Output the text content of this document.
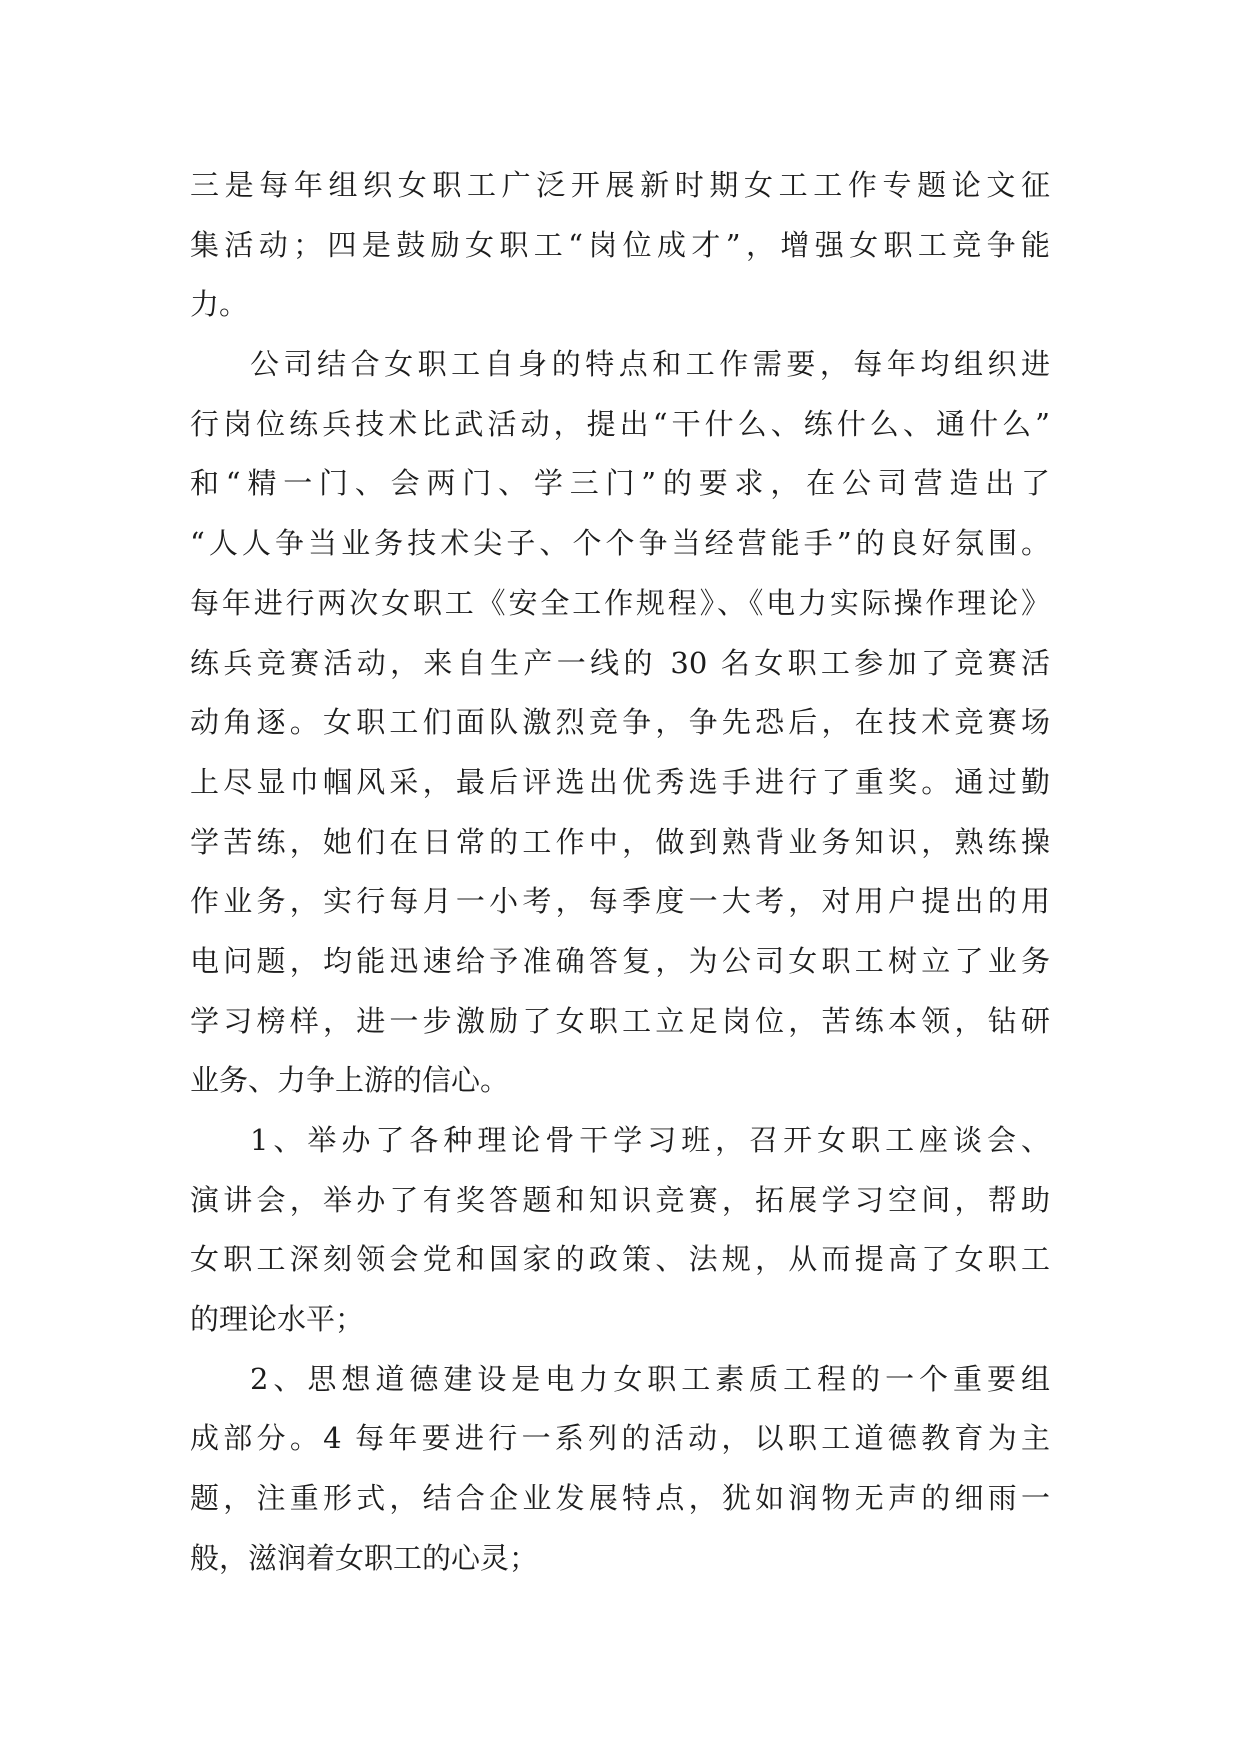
三是每年组织女职工广泛开展新时期女工工作专题论文征
集活动；四是鼓励女职工“岗位成才”，增强女职工竞争能
力。
公司结合女职工自身的特点和工作需要，每年均组织进
行岗位练兵技术比武活动，提出“干什么、练什么、通什么”
和“精一门、会两门、学三门”的要求，在公司营造出了
“人人争当业务技术尖子、个个争当经营能手”的良好氛围。
每年进行两次女职工《安全工作规程》、《电力实际操作理论》
练兵竞赛活动，来自生产一线的 30 名女职工参加了竞赛活
动角逐。女职工们面队激烈竞争，争先恐后，在技术竞赛场
上尽显巾帼风采，最后评选出优秀选手进行了重奖。通过勤
学苦练，她们在日常的工作中，做到熟背业务知识，熟练操
作业务，实行每月一小考，每季度一大考，对用户提出的用
电问题，均能迅速给予准确答复，为公司女职工树立了业务
学习榜样，进一步激励了女职工立足岗位，苦练本领，钻研
业务、力争上游的信心。
1、举办了各种理论骨干学习班，召开女职工座谈会、
演讲会，举办了有奖答题和知识竞赛，拓展学习空间，帮助
女职工深刻领会党和国家的政策、法规，从而提高了女职工
的理论水平；
2、思想道德建设是电力女职工素质工程的一个重要组
成部分。4 每年要进行一系列的活动，以职工道德教育为主
题，注重形式，结合企业发展特点，犹如润物无声的细雨一
般，滋润着女职工的心灵；
